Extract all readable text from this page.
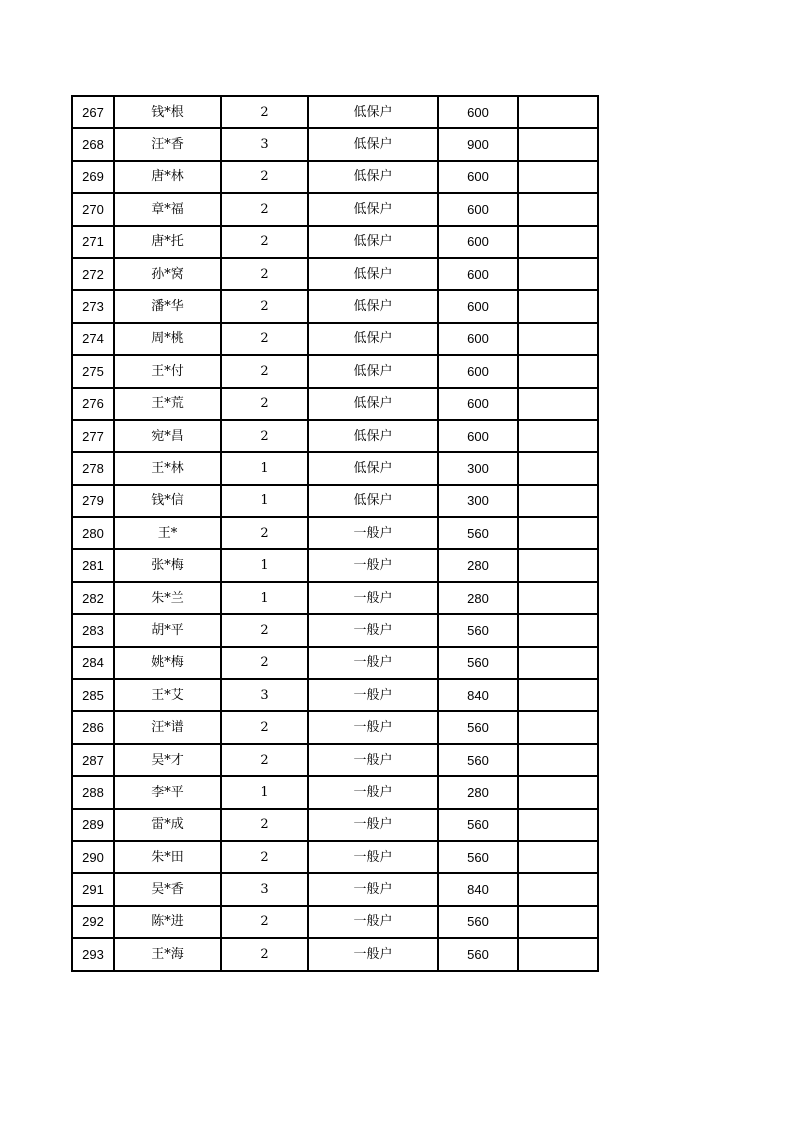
267	钱*根	2	低保户	600	
268	汪*香	3	低保户	900	
269	唐*林	2	低保户	600	
270	章*福	2	低保户	600	
271	唐*托	2	低保户	600	
272	孙*窝	2	低保户	600	
273	潘*华	2	低保户	600	
274	周*桃	2	低保户	600	
275	王*付	2	低保户	600	
276	王*荒	2	低保户	600	
277	宛*昌	2	低保户	600	
278	王*林	1	低保户	300	
279	钱*信	1	低保户	300	
280	王*	2	一般户	560	
281	张*梅	1	一般户	280	
282	朱*兰	1	一般户	280	
283	胡*平	2	一般户	560	
284	姚*梅	2	一般户	560	
285	王*艾	3	一般户	840	
286	汪*谱	2	一般户	560	
287	吴*才	2	一般户	560	
288	李*平	1	一般户	280	
289	雷*成	2	一般户	560	
290	朱*田	2	一般户	560	
291	吴*香	3	一般户	840	
292	陈*进	2	一般户	560	
293	王*海	2	一般户	560	
